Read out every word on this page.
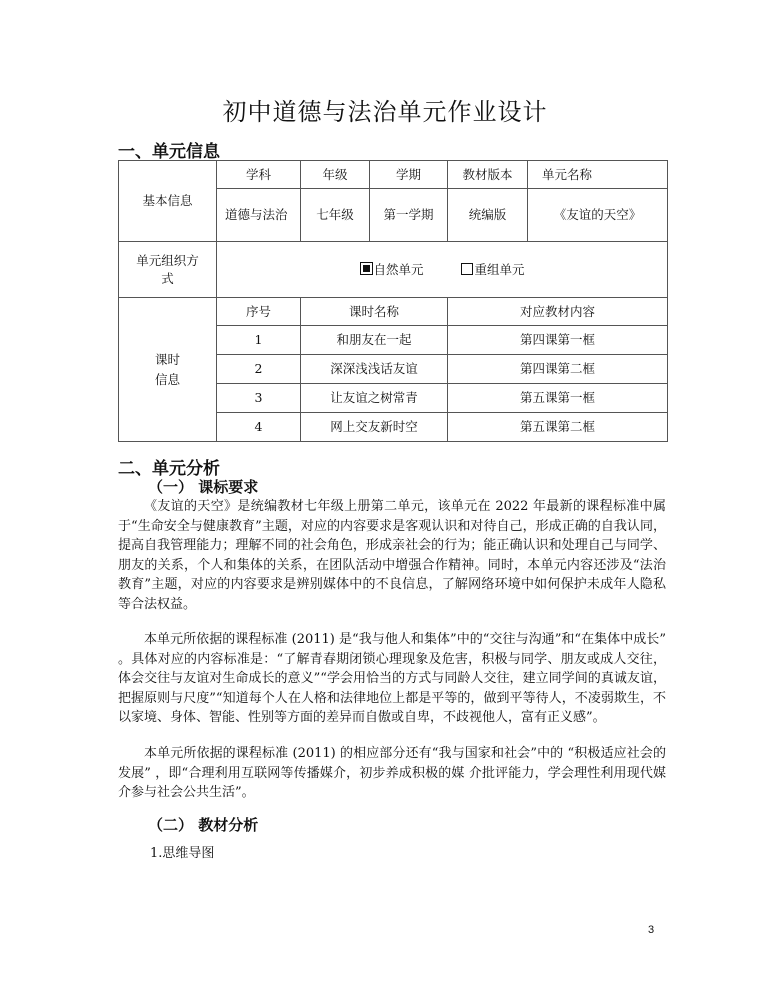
初中道德与法治单元作业设计
一、单元信息
基本信息	学科	年级	学期	教材版本	单元名称
	道德与法治	七年级	第一学期	统编版	《友谊的天空》
单元组织方式	自然单元 重组单元				

课时信息	序号	课时名称		对应教材内容	
	1	和朋友在一起		第四课第一框	
	2	深深浅浅话友谊		第四课第二框	
	3	让友谊之树常青		第五课第一框	
	4	网上交友新时空		第五课第二框	
二、单元分析
（一） 课标要求

《友谊的天空》是统编教材七年级上册第二单元，该单元在 2022 年最新的课程标准中属于“生命安全与健康教育”主题，对应的内容要求是客观认识和对待自己，形成正确的自我认同，提高自我管理能力；理解不同的社会角色，形成亲社会的行为；能正确认识和处理自己与同学、朋友的关系，个人和集体的关系，在团队活动中增强合作精神。同时，本单元内容还涉及“法治教育”主题，对应的内容要求是辨别媒体中的不良信息，了解网络环境中如何保护未成年人隐私等合法权益。

本单元所依据的课程标准 (2011) 是“我与他人和集体”中的“交往与沟通”和“在集体中成长” 。具体对应的内容标准是：“了解青春期闭锁心理现象及危害，积极与同学、朋友或成人交往，体会交往与友谊对生命成长的意义”“学会用恰当的方式与同龄人交往，建立同学间的真诚友谊，把握原则与尺度”“知道每个人在人格和法律地位上都是平等的，做到平等待人，不凌弱欺生，不以家境、身体、智能、性别等方面的差异而自傲或自卑，不歧视他人，富有正义感”。

本单元所依据的课程标准 (2011) 的相应部分还有“我与国家和社会”中的 “积极适应社会的发展” ，即“合理利用互联网等传播媒介，初步养成积极的媒 介批评能力，学会理性利用现代媒介参与社会公共生活”。

（二） 教材分析
1.思维导图
3
